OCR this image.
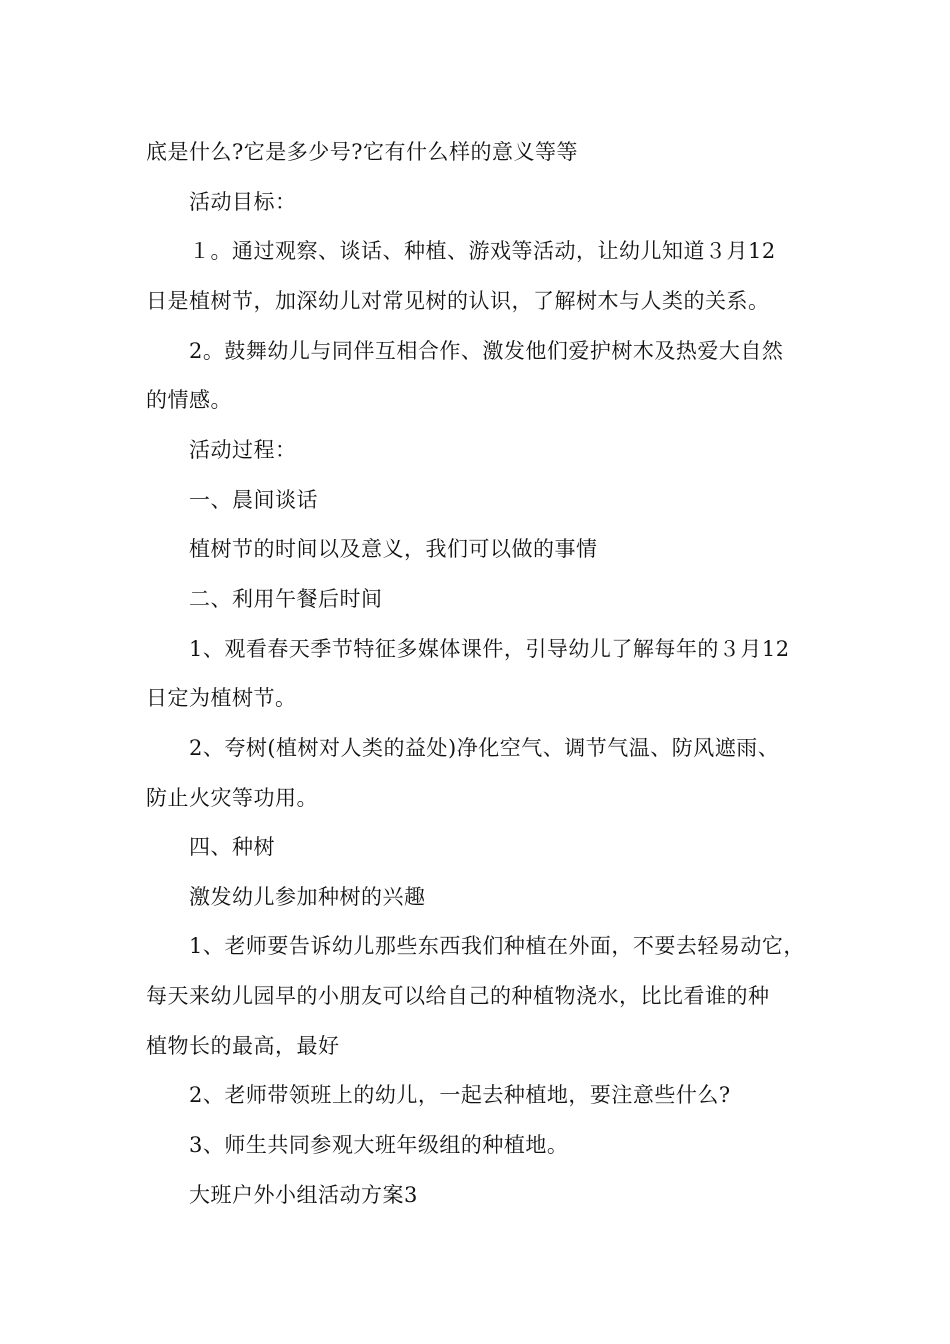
底是什么?它是多少号?它有什么样的意义等等
活动目标：
１。通过观察、谈话、种植、游戏等活动，让幼儿知道３月12
日是植树节，加深幼儿对常见树的认识，了解树木与人类的关系。
2。鼓舞幼儿与同伴互相合作、激发他们爱护树木及热爱大自然
的情感。
活动过程：
一、晨间谈话
植树节的时间以及意义，我们可以做的事情
二、利用午餐后时间
1、观看春天季节特征多媒体课件，引导幼儿了解每年的３月12
日定为植树节。
2、夸树(植树对人类的益处)净化空气、调节气温、防风遮雨、
防止火灾等功用。
四、种树
激发幼儿参加种树的兴趣
1、老师要告诉幼儿那些东西我们种植在外面，不要去轻易动它，
每天来幼儿园早的小朋友可以给自己的种植物浇水，比比看谁的种
植物长的最高，最好
2、老师带领班上的幼儿，一起去种植地，要注意些什么?
3、师生共同参观大班年级组的种植地。
大班户外小组活动方案3
